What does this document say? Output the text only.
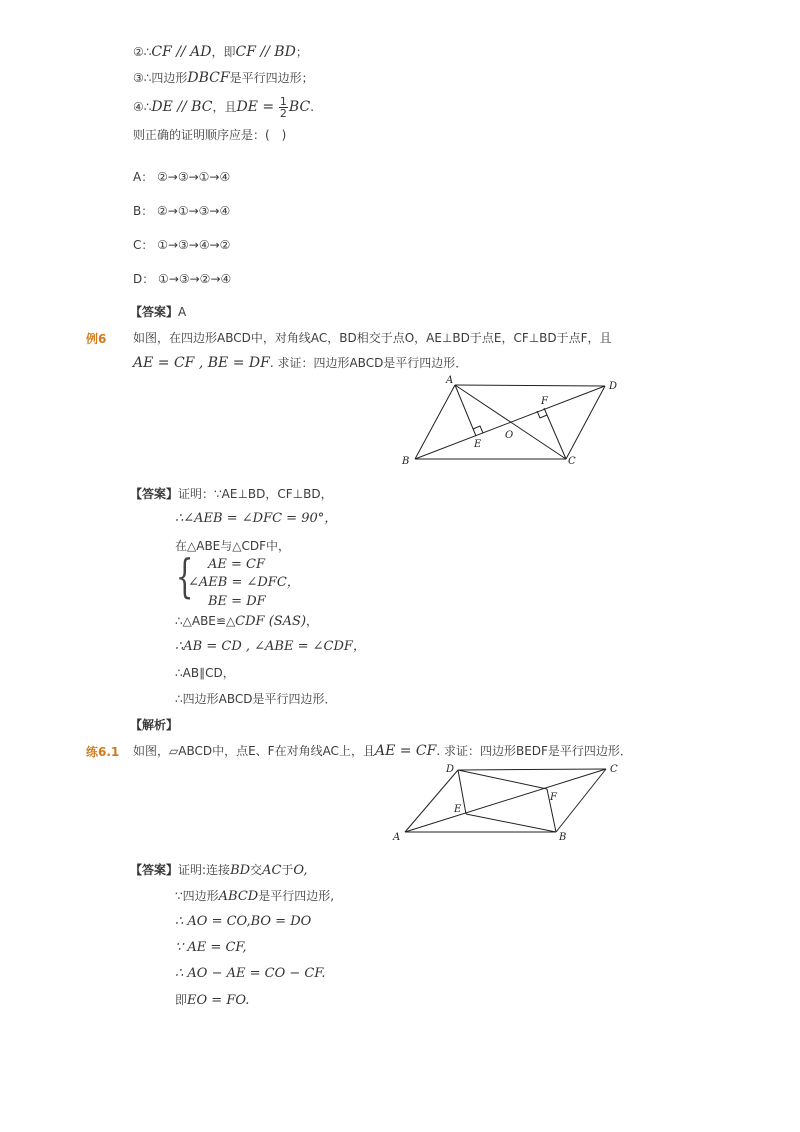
②∴CF // AD，即CF // BD；
③∴四边形DBCF是平行四边形；
④∴DE // BC，且DE = $\frac{1}{2}$ BC.
则正确的证明顺序应是：(　)
A： ②→③→①→④
B： ②→①→③→④
C： ①→③→④→②
D： ①→③→②→④
【答案】A
例6 如图，在四边形ABCD中，对角线AC，BD相交于点O，AE⊥BD于点E，CF⊥BD于点F，且
AE = CF , BE = DF. 求证：四边形ABCD是平行四边形．
A
D
B	C
E
F
O
【答案】证明：∵AE⊥BD，CF⊥BD，
∴∠AEB = ∠DFC = 90°，
在△ABE与△CDF中，
{ AE = CF
∠AEB = ∠DFC，
BE = DF
∴△ABE≌△CDF (SAS)，
∴AB = CD , ∠ABE = ∠CDF，
∴AB∥CD，
∴四边形ABCD是平行四边形．
【解析】
练6.1 如图，▱ABCD中，点E、F在对角线AC上，且AE = CF. 求证：四边形BEDF是平行四边形．
D	C
A	B
E
F
【答案】证明:连接BD交AC于O,
∵四边形ABCD是平行四边形,
∴ AO = CO,BO = DO
∵ AE = CF,
∴ AO − AE = CO − CF.
即EO = FO.
